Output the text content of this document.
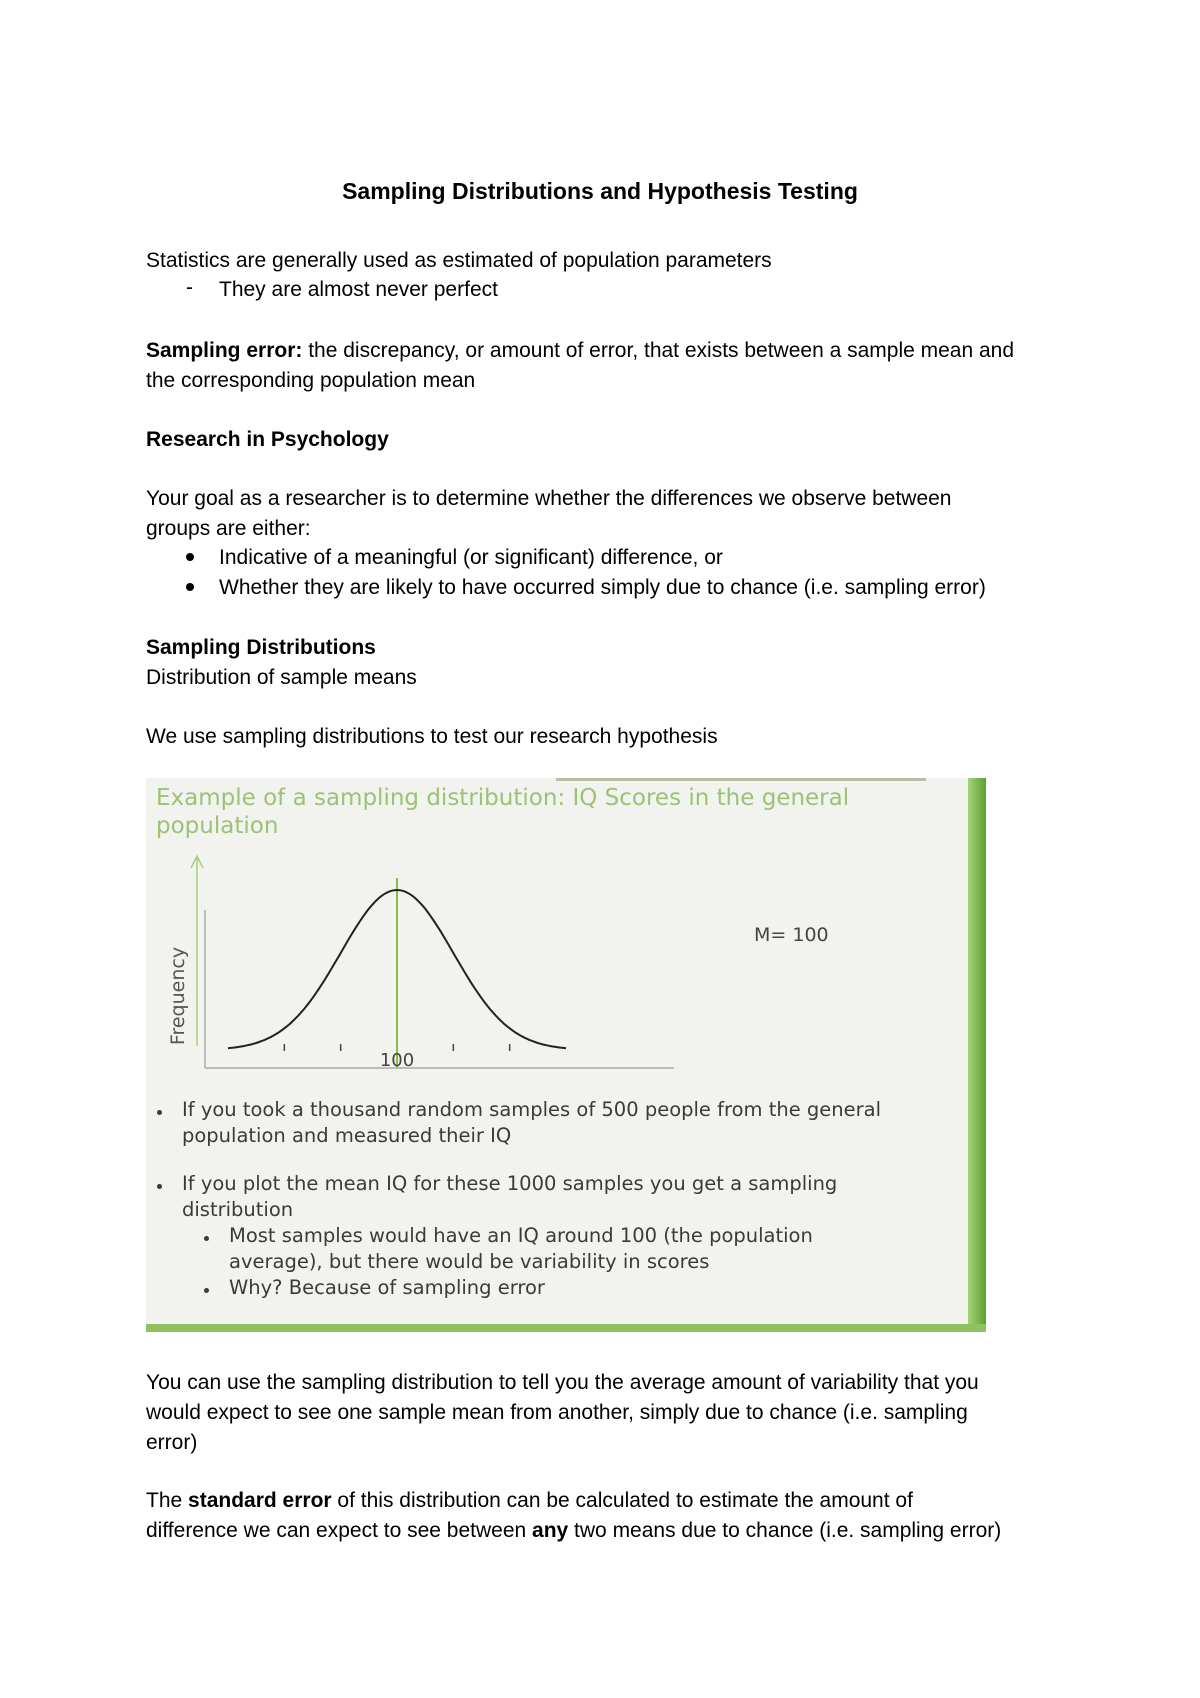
Sampling Distributions and Hypothesis Testing
Statistics are generally used as estimated of population parameters
- They are almost never perfect
Sampling error: the discrepancy, or amount of error, that exists between a sample mean and
the corresponding population mean
Research in Psychology
Your goal as a researcher is to determine whether the differences we observe between
groups are either:
Indicative of a meaningful (or significant) difference, or
Whether they are likely to have occurred simply due to chance (i.e. sampling error)
Sampling Distributions
Distribution of sample means
We use sampling distributions to test our research hypothesis
Example of a sampling distribution: IQ Scores in the general
population
Frequency
100
M= 100
If you took a thousand random samples of 500 people from the general
population and measured their IQ
If you plot the mean IQ for these 1000 samples you get a sampling
distribution
Most samples would have an IQ around 100 (the population
average), but there would be variability in scores
Why? Because of sampling error
You can use the sampling distribution to tell you the average amount of variability that you
would expect to see one sample mean from another, simply due to chance (i.e. sampling
error)
The standard error of this distribution can be calculated to estimate the amount of
difference we can expect to see between any two means due to chance (i.e. sampling error)
